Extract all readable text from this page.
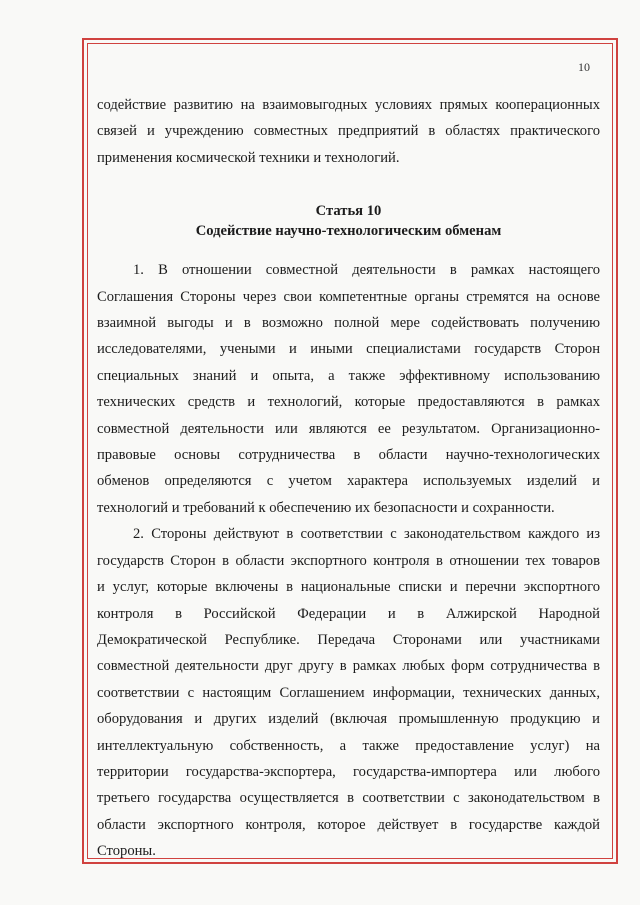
10

содействие развитию на взаимовыгодных условиях прямых кооперационных
связей и учреждению совместных предприятий в областях практического
применения космической техники и технологий.

Статья 10

Содействие научно-технологическим обменам

1. В отношении совместной деятельности в рамках настоящего
Соглашения Стороны через свои компетентные органы стремятся на основе
взаимной выгоды и в возможно полной мере содействовать получению
исследователями, учеными и иными специалистами государств Сторон
специальных знаний и опыта, а также эффективному использованию
технических средств и технологий, которые предоставляются в рамках
совместной деятельности или являются ее результатом. Организационно-
правовые основы сотрудничества в области научно-технологических
обменов определяются с учетом характера используемых изделий и
технологий и требований к обеспечению их безопасности и сохранности.

2. Стороны действуют в соответствии с законодательством каждого из
государств Сторон в области экспортного контроля в отношении тех товаров
и услуг, которые включены в национальные списки и перечни экспортного
контроля в Российской Федерации и в Алжирской Народной
Демократической Республике. Передача Сторонами или участниками
совместной деятельности друг другу в рамках любых форм сотрудничества в
соответствии с настоящим Соглашением информации, технических данных,
оборудования и других изделий (включая промышленную продукцию и
интеллектуальную собственность, а также предоставление услуг) на
территории государства-экспортера, государства-импортера или любого
третьего государства осуществляется в соответствии с законодательством в
области экспортного контроля, которое действует в государстве каждой
Стороны.
